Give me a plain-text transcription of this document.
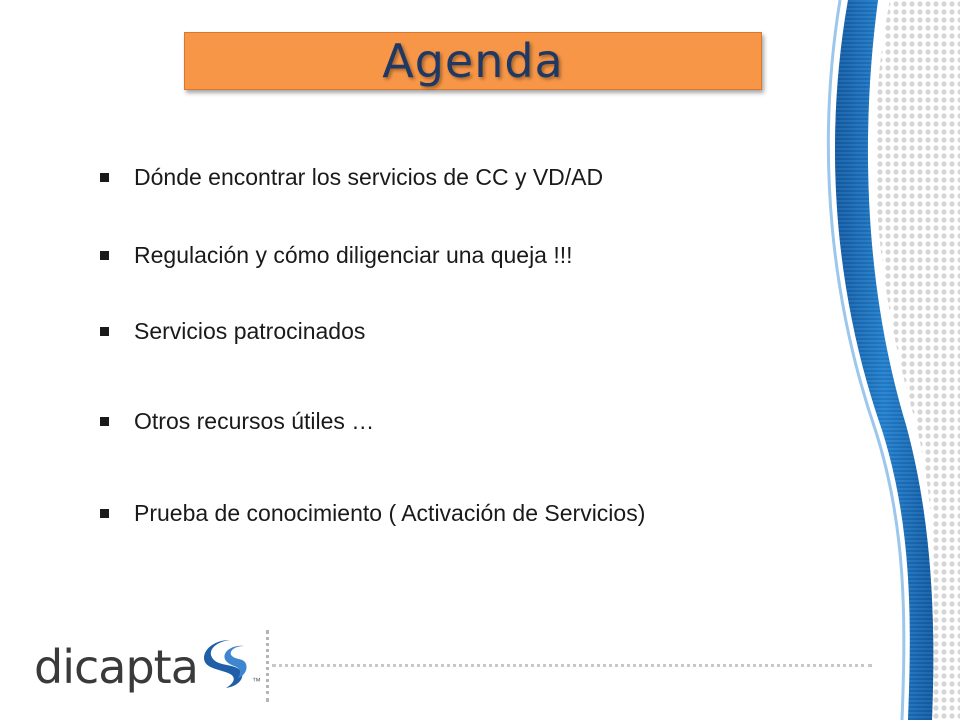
Agenda
Dónde encontrar los servicios de CC y VD/AD
Regulación y cómo diligenciar una queja !!!
Servicios patrocinados
Otros recursos útiles …
Prueba de conocimiento ( Activación de Servicios)
dicapta	™
